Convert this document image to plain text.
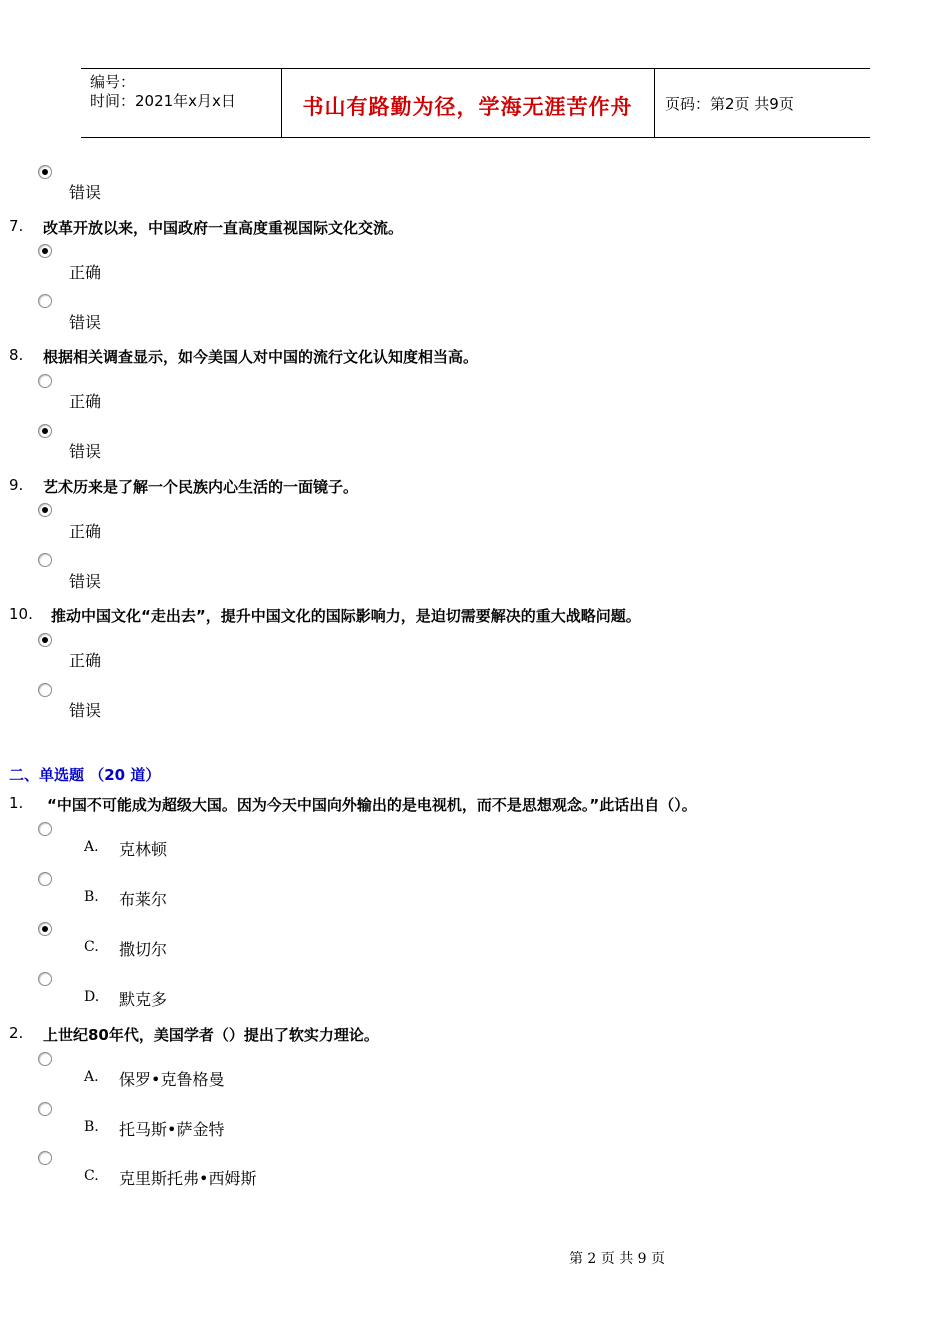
编号：
时间：2021年x月x日	书山有路勤为径，学海无涯苦作舟	页码：第2页 共9页
错误
7. 改革开放以来，中国政府一直高度重视国际文化交流。
正确
错误
8. 根据相关调查显示，如今美国人对中国的流行文化认知度相当高。
正确
错误
9. 艺术历来是了解一个民族内心生活的一面镜子。
正确
错误
10. 推动中国文化“走出去”，提升中国文化的国际影响力，是迫切需要解决的重大战略问题。
正确
错误
二、单选题 （20 道）
1. “中国不可能成为超级大国。因为今天中国向外输出的是电视机，而不是思想观念。”此话出自（）。
A. 克林顿
B. 布莱尔
C. 撒切尔
D. 默克多
2. 上世纪80年代，美国学者（）提出了软实力理论。
A. 保罗•克鲁格曼
B. 托马斯•萨金特
C. 克里斯托弗•西姆斯
第 2 页 共 9 页
